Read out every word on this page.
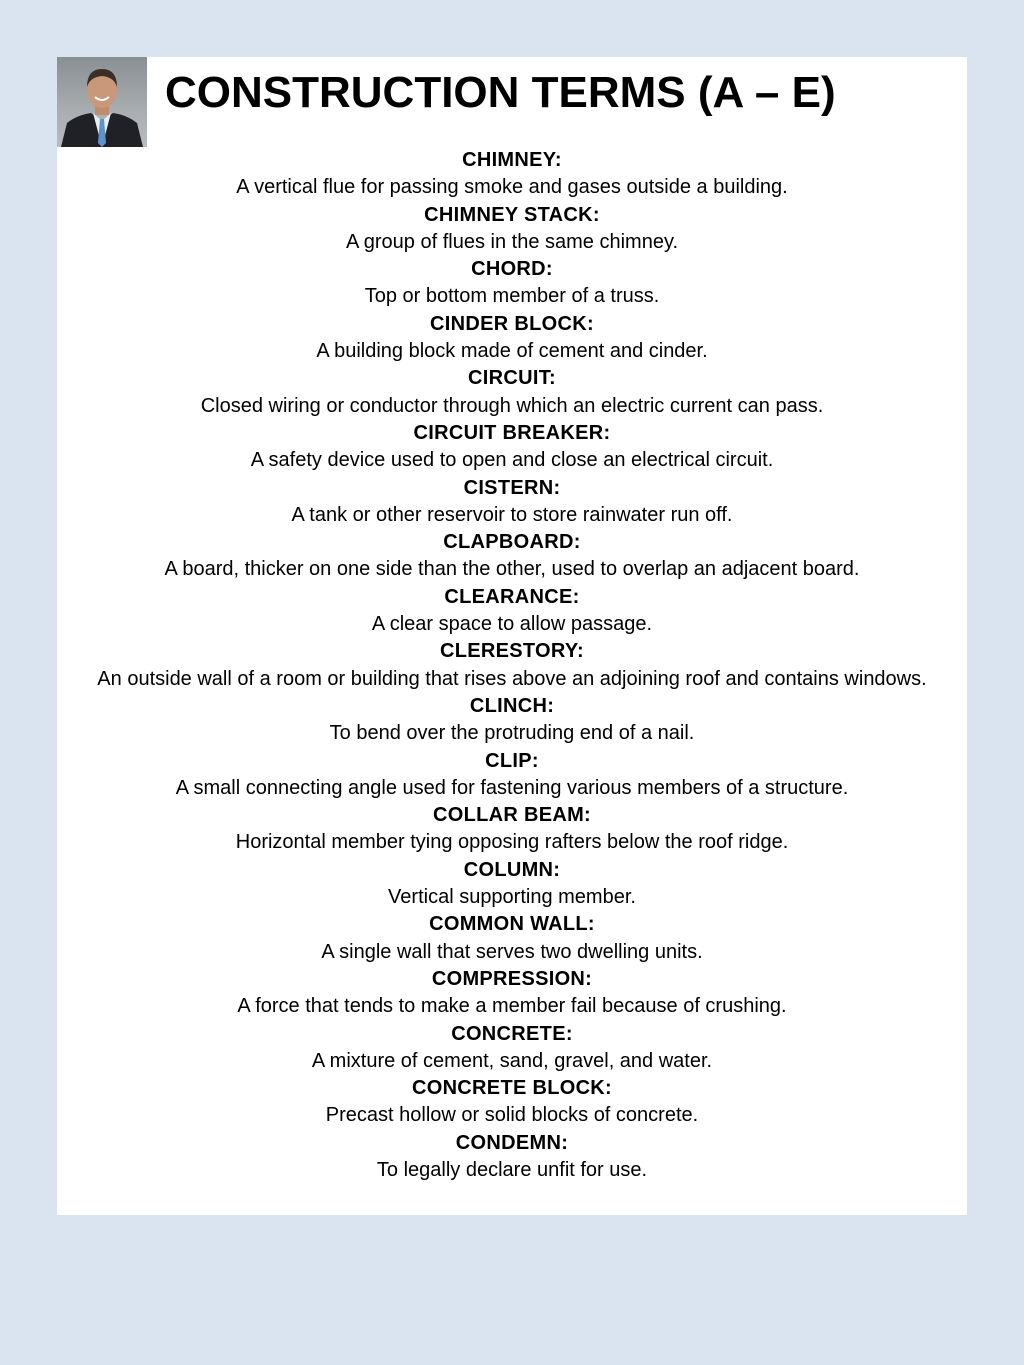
CONSTRUCTION TERMS (A – E)
CHIMNEY:
A vertical flue for passing smoke and gases outside a building.
CHIMNEY STACK:
A group of flues in the same chimney.
CHORD:
Top or bottom member of a truss.
CINDER BLOCK:
A building block made of cement and cinder.
CIRCUIT:
Closed wiring or conductor through which an electric current can pass.
CIRCUIT BREAKER:
A safety device used to open and close an electrical circuit.
CISTERN:
A tank or other reservoir to store rainwater run off.
CLAPBOARD:
A board, thicker on one side than the other, used to overlap an adjacent board.
CLEARANCE:
A clear space to allow passage.
CLERESTORY:
An outside wall of a room or building that rises above an adjoining roof and contains windows.
CLINCH:
To bend over the protruding end of a nail.
CLIP:
A small connecting angle used for fastening various members of a structure.
COLLAR BEAM:
Horizontal member tying opposing rafters below the roof ridge.
COLUMN:
Vertical supporting member.
COMMON WALL:
A single wall that serves two dwelling units.
COMPRESSION:
A force that tends to make a member fail because of crushing.
CONCRETE:
A mixture of cement, sand, gravel, and water.
CONCRETE BLOCK:
Precast hollow or solid blocks of concrete.
CONDEMN:
To legally declare unfit for use.
